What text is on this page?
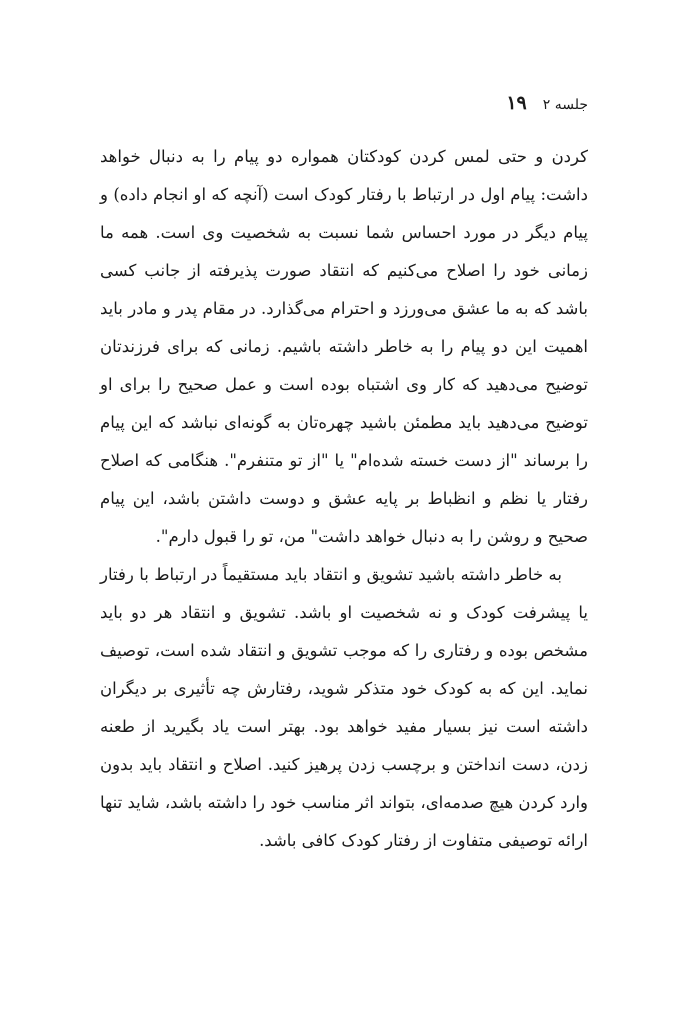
جلسه ۲
۱۹

کردن و حتی لمس کردن کودکتان همواره دو پیام را به دنبال خواهد داشت: پیام اول در ارتباط با رفتار کودک است (آنچه که او انجام داده) و پیام دیگر در مورد احساس شما نسبت به شخصیت وی است. همه ما زمانی خود را اصلاح می‌کنیم که انتقاد صورت پذیرفته از جانب کسی باشد که به ما عشق می‌ورزد و احترام می‌گذارد. در مقام پدر و مادر باید اهمیت این دو پیام را به خاطر داشته باشیم. زمانی که برای فرزندتان توضیح می‌دهید که کار وی اشتباه بوده است و عمل صحیح را برای او توضیح می‌دهید باید مطمئن باشید چهره‌تان به گونه‌ای نباشد که این پیام را برساند "از دست خسته شده‌ام" یا "از تو متنفرم". هنگامی که اصلاح رفتار یا نظم و انظباط بر پایه عشق و دوست داشتن باشد، این پیام صحیح و روشن را به دنبال خواهد داشت" من، تو را قبول دارم".

به خاطر داشته باشید تشویق و انتقاد باید مستقیماً در ارتباط با رفتار یا پیشرفت کودک و نه شخصیت او باشد. تشویق و انتقاد هر دو باید مشخص بوده و رفتاری را که موجب تشویق و انتقاد شده است، توصیف نماید. این که به کودک خود متذکر شوید، رفتارش چه تأثیری بر دیگران داشته است نیز بسیار مفید خواهد بود. بهتر است یاد بگیرید از طعنه زدن، دست انداختن و برچسب زدن پرهیز کنید. اصلاح و انتقاد باید بدون وارد کردن هیچ صدمه‌ای، بتواند اثر مناسب خود را داشته باشد، شاید تنها ارائه توصیفی متفاوت از رفتار کودک کافی باشد.
